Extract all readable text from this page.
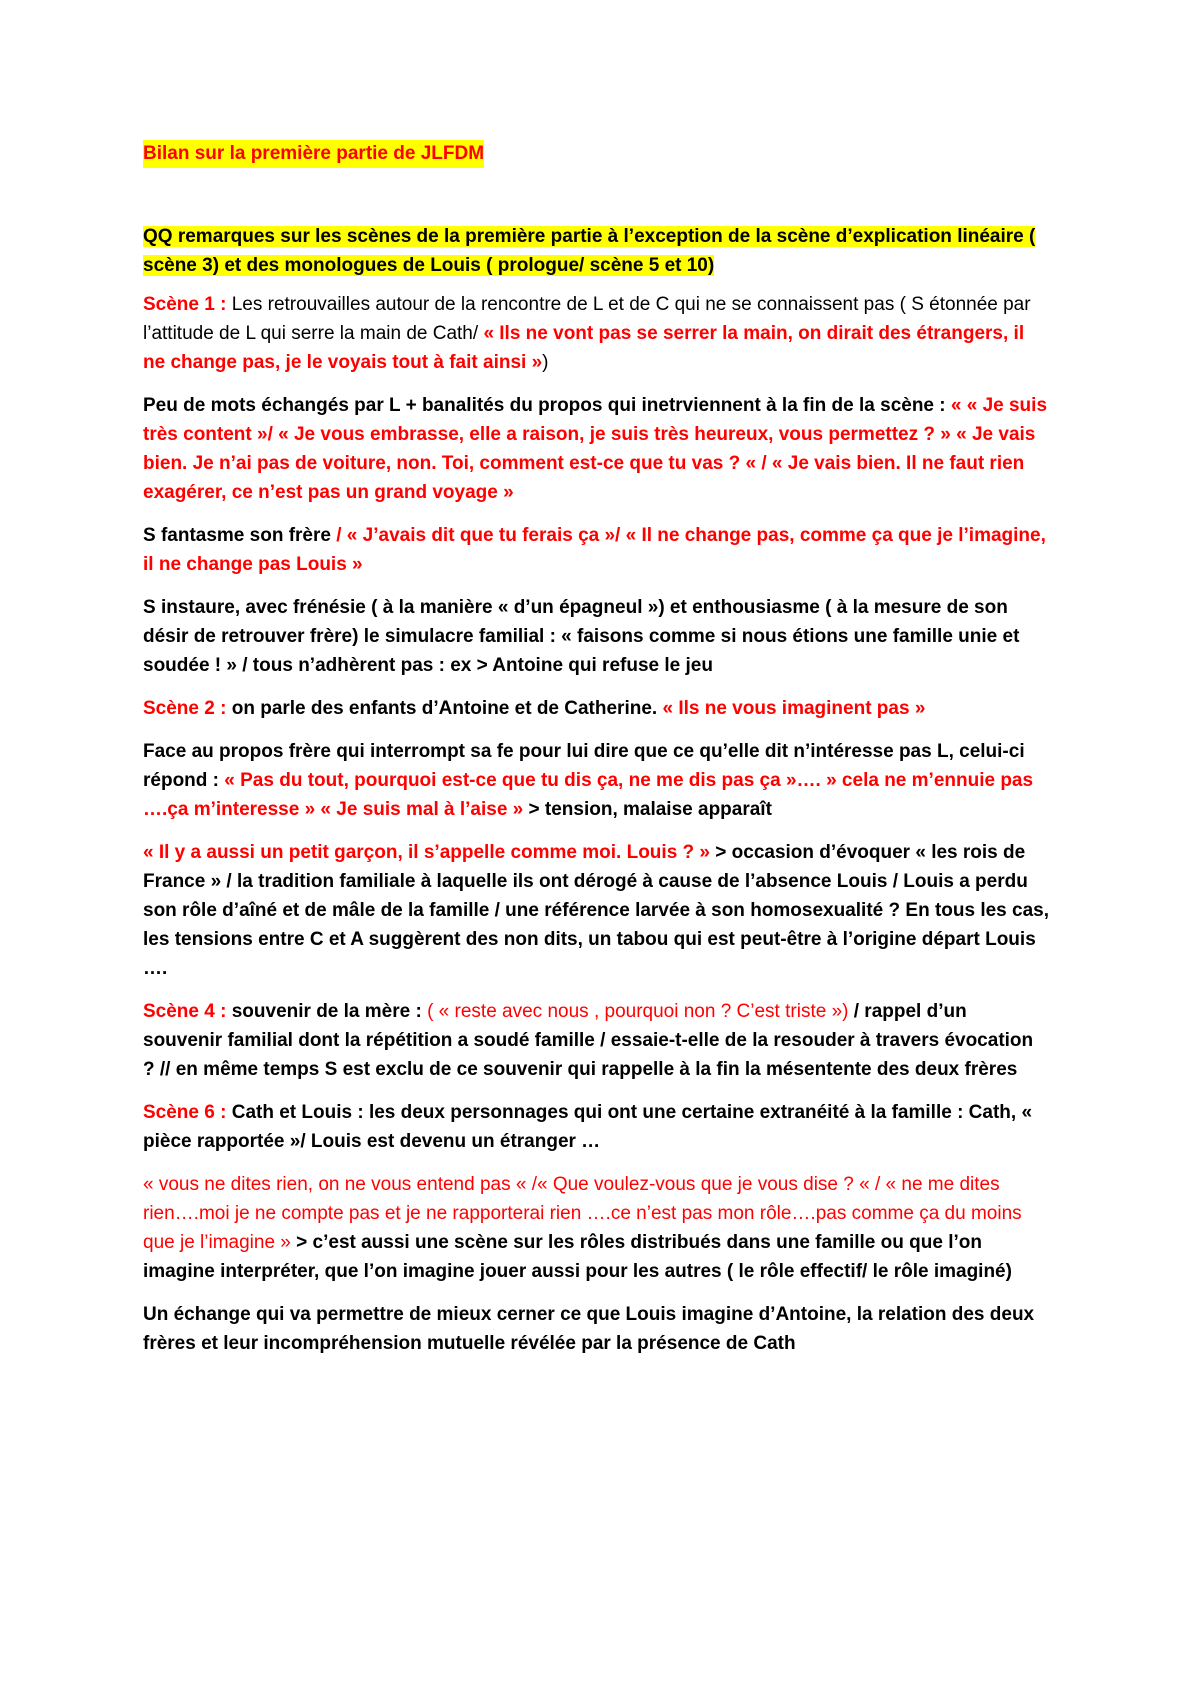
Bilan sur la première partie de JLFDM
QQ remarques sur les scènes de la première partie à l’exception de la scène d’explication linéaire ( scène 3) et des monologues de Louis ( prologue/ scène 5 et 10)

Scène 1 : Les retrouvailles autour de la rencontre de L et de C qui ne se connaissent pas ( S étonnée par l’attitude de L qui serre la main de Cath/ « Ils ne vont pas se serrer la main, on dirait des étrangers, il ne change pas, je le voyais tout à fait ainsi »)

Peu de mots échangés par L + banalités du propos qui inetrviennent à la fin de la scène : « « Je suis très content »/ « Je vous embrasse, elle a raison, je suis très heureux, vous permettez ? » « Je vais bien. Je n’ai pas de voiture, non. Toi, comment est-ce que tu vas ? « / « Je vais bien. Il ne faut rien exagérer, ce n’est pas un grand voyage »

S fantasme son frère / « J’avais dit que tu ferais ça »/ « Il ne change pas, comme ça que je l’imagine, il ne change pas Louis »

S instaure, avec frénésie ( à la manière « d’un épagneul ») et enthousiasme ( à la mesure de son désir de retrouver frère) le simulacre familial : « faisons comme si nous étions une famille unie et soudée ! » / tous n’adhèrent pas : ex > Antoine qui refuse le jeu

Scène 2 : on parle des enfants d’Antoine et de Catherine. « Ils ne vous imaginent pas »

Face au propos frère qui interrompt sa fe pour lui dire que ce qu’elle dit n’intéresse pas L, celui-ci répond : « Pas du tout, pourquoi est-ce que tu dis ça, ne me dis pas ça »…. » cela ne m’ennuie pas ….ça m’interesse » « Je suis mal à l’aise » > tension, malaise apparaît

« Il y a aussi un petit garçon, il s’appelle comme moi. Louis ? » > occasion d’évoquer « les rois de France » / la tradition familiale à laquelle ils ont dérogé à cause de l’absence Louis / Louis a perdu son rôle d’aîné et de mâle de la famille / une référence larvée à son homosexualité ? En tous les cas, les tensions entre C et A suggèrent des non dits, un tabou qui est peut-être à l’origine départ Louis ….

Scène 4 : souvenir de la mère : ( « reste avec nous , pourquoi non ? C’est triste ») / rappel d’un souvenir familial dont la répétition a soudé famille / essaie-t-elle de la resouder à travers évocation ? // en même temps S est exclu de ce souvenir qui rappelle à la fin la mésentente des deux frères

Scène 6 : Cath et Louis : les deux personnages qui ont une certaine extranéité à la famille : Cath, « pièce rapportée »/ Louis est devenu un étranger …

« vous ne dites rien, on ne vous entend pas « /« Que voulez-vous que je vous dise ? « / « ne me dites rien….moi je ne compte pas et je ne rapporterai rien ….ce n’est pas mon rôle….pas comme ça du moins que je l’imagine » > c’est aussi une scène sur les rôles distribués dans une famille ou que l’on imagine interpréter, que l’on imagine jouer aussi pour les autres ( le rôle effectif/ le rôle imaginé)

Un échange qui va permettre de mieux cerner ce que Louis imagine d’Antoine, la relation des deux frères et leur incompréhension mutuelle révélée par la présence de Cath
